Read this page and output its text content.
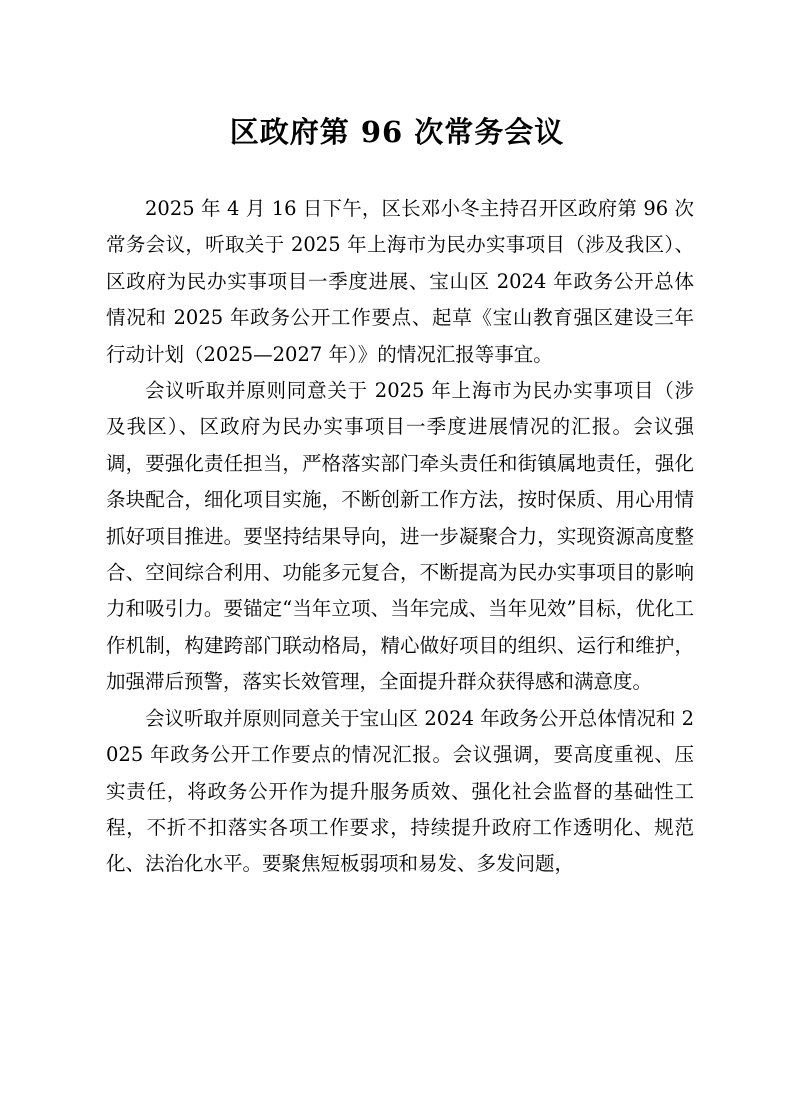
区政府第 96 次常务会议

2025 年 4 月 16 日下午，区长邓小冬主持召开区政府第 96 次常务会议，听取关于 2025 年上海市为民办实事项目（涉及我区）、区政府为民办实事项目一季度进展、宝山区 2024 年政务公开总体情况和 2025 年政务公开工作要点、起草《宝山教育强区建设三年行动计划（2025—2027 年）》的情况汇报等事宜。

会议听取并原则同意关于 2025 年上海市为民办实事项目（涉及我区）、区政府为民办实事项目一季度进展情况的汇报。会议强调，要强化责任担当，严格落实部门牵头责任和街镇属地责任，强化条块配合，细化项目实施，不断创新工作方法，按时保质、用心用情抓好项目推进。要坚持结果导向，进一步凝聚合力，实现资源高度整合、空间综合利用、功能多元复合，不断提高为民办实事项目的影响力和吸引力。要锚定“当年立项、当年完成、当年见效”目标，优化工作机制，构建跨部门联动格局，精心做好项目的组织、运行和维护，加强滞后预警，落实长效管理，全面提升群众获得感和满意度。

会议听取并原则同意关于宝山区 2024 年政务公开总体情况和 2025 年政务公开工作要点的情况汇报。会议强调，要高度重视、压实责任，将政务公开作为提升服务质效、强化社会监督的基础性工程，不折不扣落实各项工作要求，持续提升政府工作透明化、规范化、法治化水平。要聚焦短板弱项和易发、多发问题，
